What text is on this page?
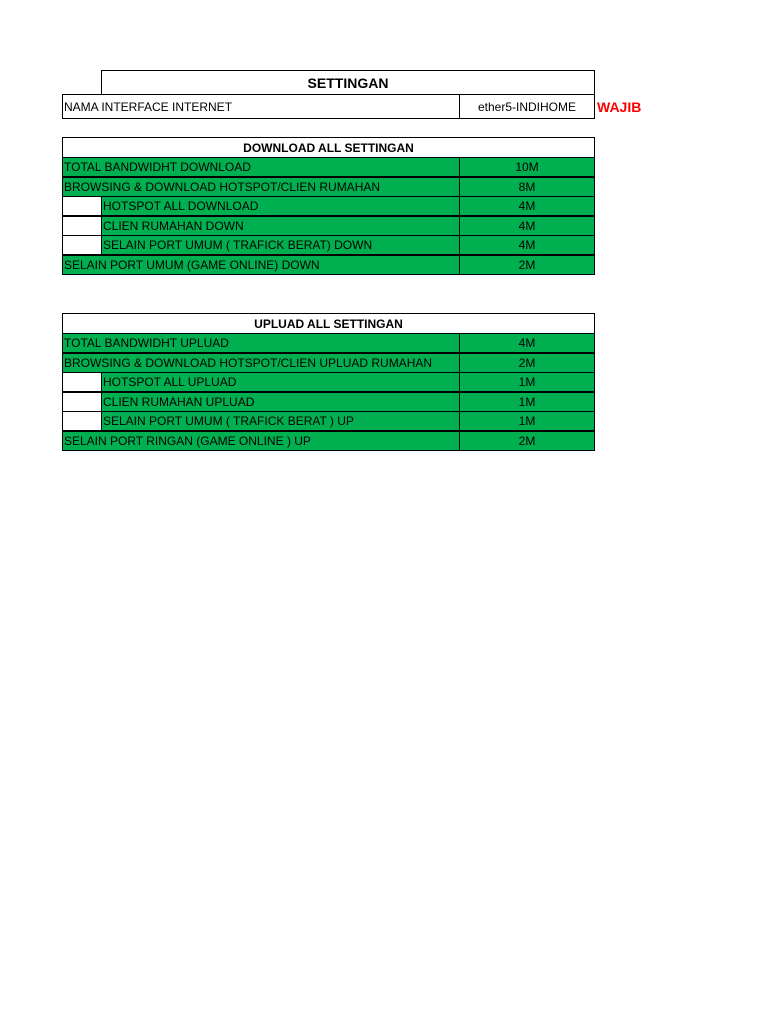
SETTINGAN
NAMA INTERFACE INTERNET	ether5-INDIHOME	WAJIB
DOWNLOAD ALL SETTINGAN
TOTAL BANDWIDHT DOWNLOAD	10M
BROWSING & DOWNLOAD HOTSPOT/CLIEN RUMAHAN	8M
HOTSPOT ALL DOWNLOAD	4M
CLIEN RUMAHAN DOWN	4M
SELAIN PORT UMUM ( TRAFICK BERAT) DOWN	4M
SELAIN PORT UMUM (GAME ONLINE) DOWN	2M
UPLUAD ALL SETTINGAN
TOTAL BANDWIDHT UPLUAD	4M
BROWSING & DOWNLOAD HOTSPOT/CLIEN UPLUAD RUMAHAN	2M
HOTSPOT ALL UPLUAD	1M
CLIEN RUMAHAN UPLUAD	1M
SELAIN PORT UMUM ( TRAFICK BERAT ) UP	1M
SELAIN PORT RINGAN (GAME ONLINE ) UP	2M
